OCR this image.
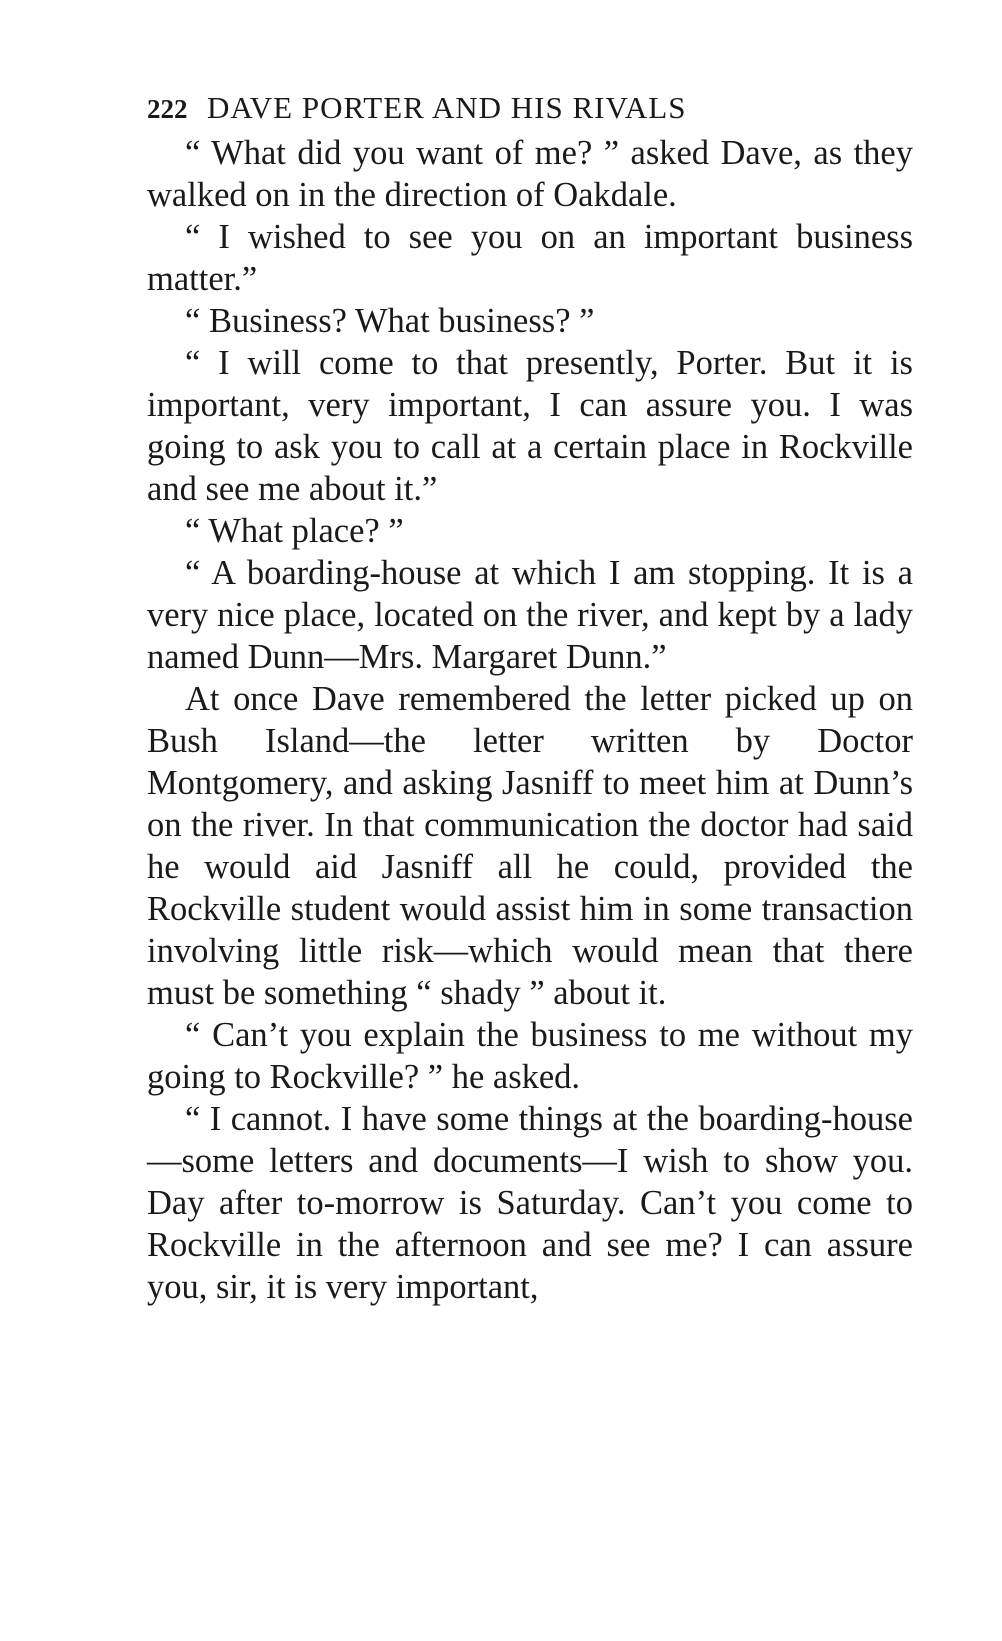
222 DAVE PORTER AND HIS RIVALS

“ What did you want of me? ” asked Dave, as they walked on in the direction of Oakdale.

“ I wished to see you on an important business matter.”

“ Business? What business? ”

“ I will come to that presently, Porter. But it is important, very important, I can assure you. I was going to ask you to call at a certain place in Rockville and see me about it.”

“ What place? ”

“ A boarding-house at which I am stopping. It is a very nice place, located on the river, and kept by a lady named Dunn—Mrs. Margaret Dunn.”

At once Dave remembered the letter picked up on Bush Island—the letter written by Doctor Montgomery, and asking Jasniff to meet him at Dunn’s on the river. In that communication the doctor had said he would aid Jasniff all he could, provided the Rockville student would assist him in some transaction involving little risk—which would mean that there must be something “ shady ” about it.

“ Can’t you explain the business to me without my going to Rockville? ” he asked.

“ I cannot. I have some things at the boarding-house—some letters and documents—I wish to show you. Day after to-morrow is Saturday. Can’t you come to Rockville in the afternoon and see me? I can assure you, sir, it is very important,
